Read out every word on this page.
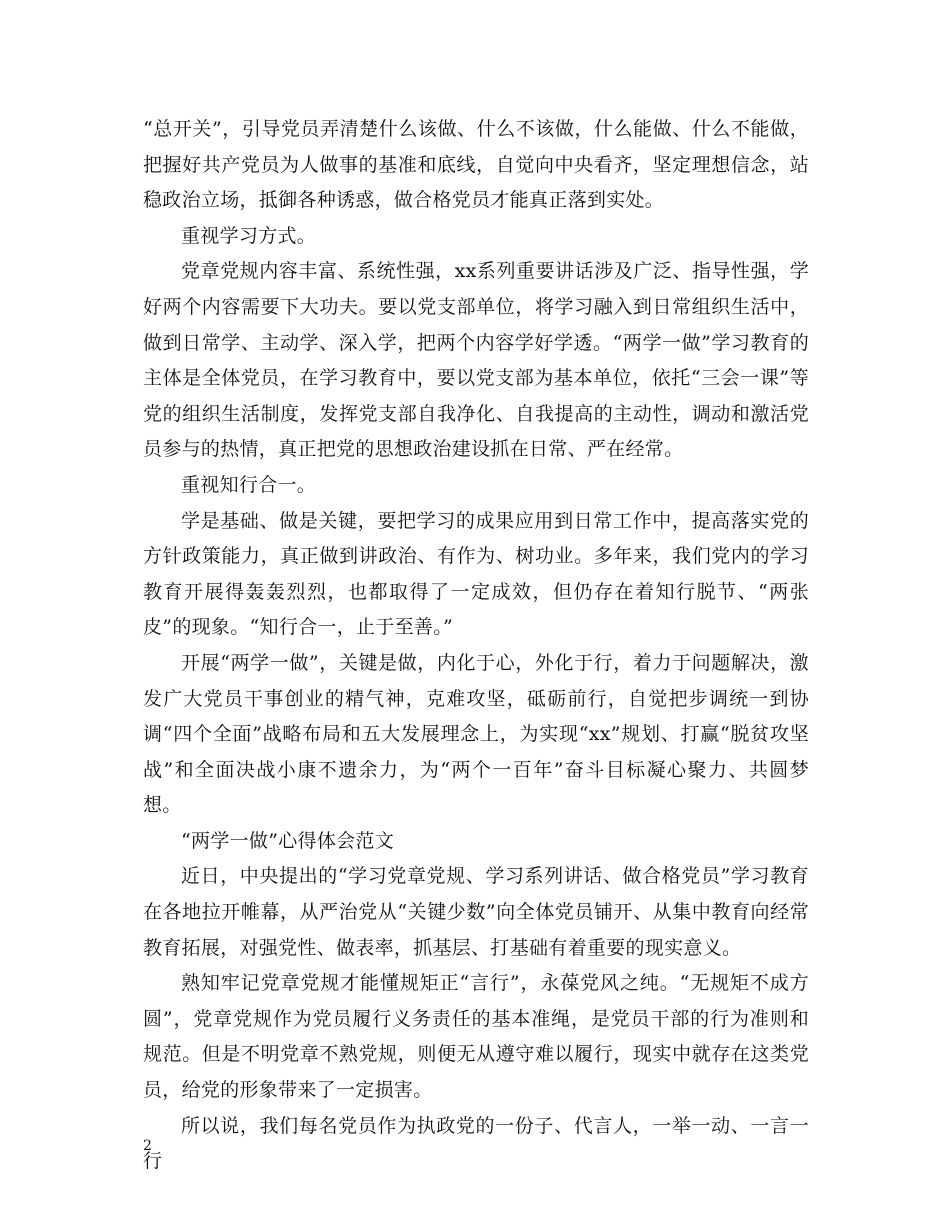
“总开关”，引导党员弄清楚什么该做、什么不该做，什么能做、什么不能做，把握好共产党员为人做事的基准和底线，自觉向中央看齐，坚定理想信念，站稳政治立场，抵御各种诱惑，做合格党员才能真正落到实处。

重视学习方式。

党章党规内容丰富、系统性强，xx系列重要讲话涉及广泛、指导性强，学好两个内容需要下大功夫。要以党支部单位，将学习融入到日常组织生活中，做到日常学、主动学、深入学，把两个内容学好学透。“两学一做”学习教育的主体是全体党员，在学习教育中，要以党支部为基本单位，依托“三会一课”等党的组织生活制度，发挥党支部自我净化、自我提高的主动性，调动和激活党员参与的热情，真正把党的思想政治建设抓在日常、严在经常。

重视知行合一。

学是基础、做是关键，要把学习的成果应用到日常工作中，提高落实党的方针政策能力，真正做到讲政治、有作为、树功业。多年来，我们党内的学习教育开展得轰轰烈烈，也都取得了一定成效，但仍存在着知行脱节、“两张皮”的现象。“知行合一，止于至善。”

开展“两学一做”，关键是做，内化于心，外化于行，着力于问题解决，激发广大党员干事创业的精气神，克难攻坚，砥砺前行，自觉把步调统一到协调“四个全面”战略布局和五大发展理念上，为实现“xx”规划、打赢“脱贫攻坚战”和全面决战小康不遗余力，为“两个一百年”奋斗目标凝心聚力、共圆梦想。

“两学一做”心得体会范文

近日，中央提出的“学习党章党规、学习系列讲话、做合格党员”学习教育在各地拉开帷幕，从严治党从“关键少数”向全体党员铺开、从集中教育向经常教育拓展，对强党性、做表率，抓基层、打基础有着重要的现实意义。

熟知牢记党章党规才能懂规矩正“言行”，永葆党风之纯。“无规矩不成方圆”，党章党规作为党员履行义务责任的基本准绳，是党员干部的行为准则和规范。但是不明党章不熟党规，则便无从遵守难以履行，现实中就存在这类党员，给党的形象带来了一定损害。

所以说，我们每名党员作为执政党的一份子、代言人，一举一动、一言一行

2
